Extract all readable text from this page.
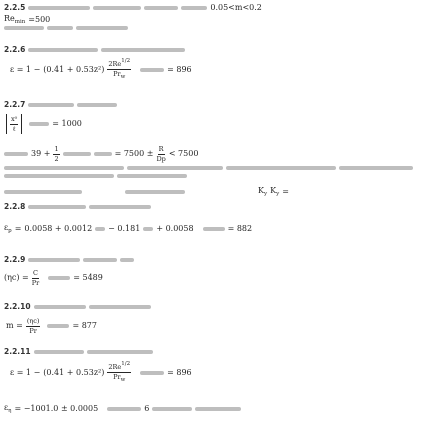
2.2.5	0.05<m<0.2
$Re_{min} =500$
2.2.6
$\varepsilon = 1 - (0.41 + 0.53z^2) \frac{2Re^{1/2}}{Pr_w}$	= 896
2.2.7
$\frac{\text{x⁰}}{\text{ℓ}}$	= 1000
$39 + \frac{1}{2}$	= $7500 \pm \frac{R}{Dp} < 7500$
$K_y$ $K_y$ =
2.2.8
$\varepsilon_p = 0.0058 + 0.0012 - 0.181 + 0.0058$	= 882
2.2.9
$(\eta c) = \frac{C}{Pr}$	= 5489
2.2.10
$m = \frac{(\eta c)}{Pr}$	= 877
2.2.11
$\varepsilon = 1 - (0.41 + 0.53z^2) \frac{2Re^{1/2}}{Pr_w}$	= 896
$\varepsilon_\eta = -1001.0 \pm 0.0005$	6
